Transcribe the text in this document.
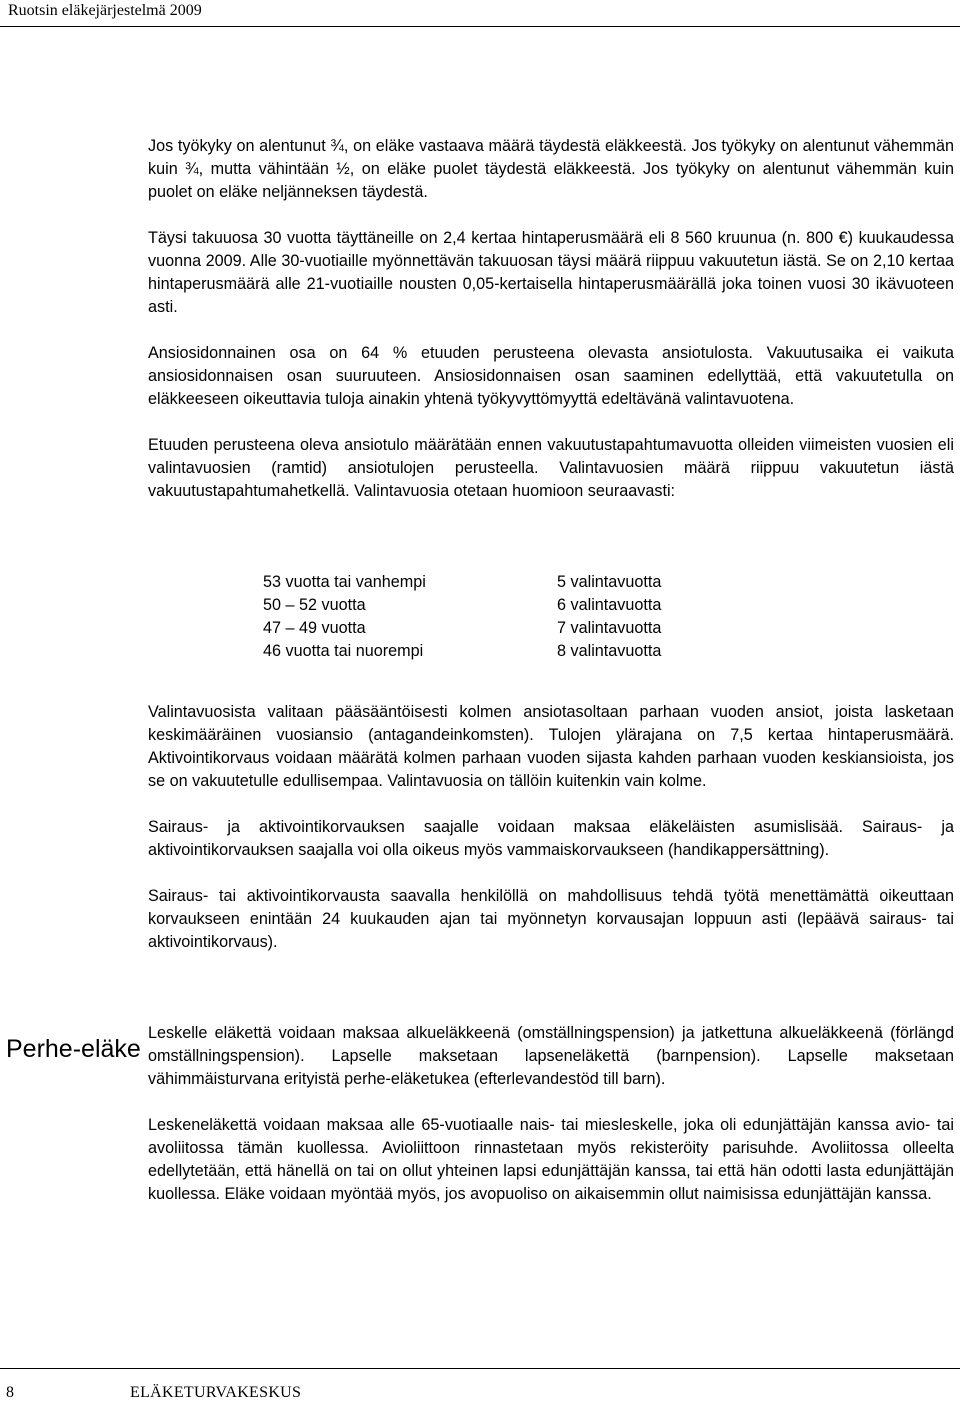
Ruotsin eläkejärjestelmä 2009

Jos työkyky on alentunut ¾, on eläke vastaava määrä täydestä eläkkeestä. Jos työkyky on alentunut vähemmän kuin ¾, mutta vähintään ½, on eläke puolet täydestä eläkkeestä. Jos työkyky on alentunut vähemmän kuin puolet on eläke neljänneksen täydestä.

Täysi takuuosa 30 vuotta täyttäneille on 2,4 kertaa hintaperusmäärä eli 8 560 kruunua (n. 800 €) kuukaudessa vuonna 2009. Alle 30-vuotiaille myönnettävän takuuosan täysi määrä riippuu vakuutetun iästä. Se on 2,10 kertaa hintaperusmäärä alle 21-vuotiaille nousten 0,05-kertaisella hintaperusmäärällä joka toinen vuosi 30 ikävuoteen asti.

Ansiosidonnainen osa on 64 % etuuden perusteena olevasta ansiotulosta. Vakuutusaika ei vaikuta ansiosidonnaisen osan suuruuteen. Ansiosidonnaisen osan saaminen edellyttää, että vakuutetulla on eläkkeeseen oikeuttavia tuloja ainakin yhtenä työkyvyttömyyttä edeltävänä valintavuotena.

Etuuden perusteena oleva ansiotulo määrätään ennen vakuutustapahtumavuotta olleiden viimeisten vuosien eli valintavuosien (ramtid) ansiotulojen perusteella. Valintavuosien määrä riippuu vakuutetun iästä vakuutustapahtumahetkellä. Valintavuosia otetaan huomioon seuraavasti:

53 vuotta tai vanhempi	5 valintavuotta
50 – 52 vuotta	6 valintavuotta
47 – 49 vuotta	7 valintavuotta
46 vuotta tai nuorempi	8 valintavuotta

Valintavuosista valitaan pääsääntöisesti kolmen ansiotasoltaan parhaan vuoden ansiot, joista lasketaan keskimääräinen vuosiansio (antagandeinkomsten). Tulojen ylärajana on 7,5 kertaa hintaperusmäärä. Aktivointikorvaus voidaan määrätä kolmen parhaan vuoden sijasta kahden parhaan vuoden keskiansioista, jos se on vakuutetulle edullisempaa. Valintavuosia on tällöin kuitenkin vain kolme.

Sairaus- ja aktivointikorvauksen saajalle voidaan maksaa eläkeläisten asumislisää. Sairaus- ja aktivointikorvauksen saajalla voi olla oikeus myös vammaiskorvaukseen (handikappersättning).

Sairaus- tai aktivointikorvausta saavalla henkilöllä on mahdollisuus tehdä työtä menettämättä oikeuttaan korvaukseen enintään 24 kuukauden ajan tai myönnetyn korvausajan loppuun asti (lepäävä sairaus- tai aktivointikorvaus).

Leskelle eläkettä voidaan maksaa alkueläkkeenä (omställningspension) ja jatkettuna alkueläkkeenä (förlängd omställningspension). Lapselle maksetaan lapseneläkettä (barnpension). Lapselle maksetaan vähimmäisturvana erityistä perhe-eläketukea (efterlevandestöd till barn).

Leskeneläkettä voidaan maksaa alle 65-vuotiaalle nais- tai miesleskelle, joka oli edunjättäjän kanssa avio- tai avoliitossa tämän kuollessa. Avioliittoon rinnastetaan myös rekisteröity parisuhde. Avoliitossa olleelta edellytetään, että hänellä on tai on ollut yhteinen lapsi edunjättäjän kanssa, tai että hän odotti lasta edunjättäjän kuollessa. Eläke voidaan myöntää myös, jos avopuoliso on aikaisemmin ollut naimisissa edunjättäjän kanssa.

Perhe-eläke
8	ELÄKETURVAKESKUS
